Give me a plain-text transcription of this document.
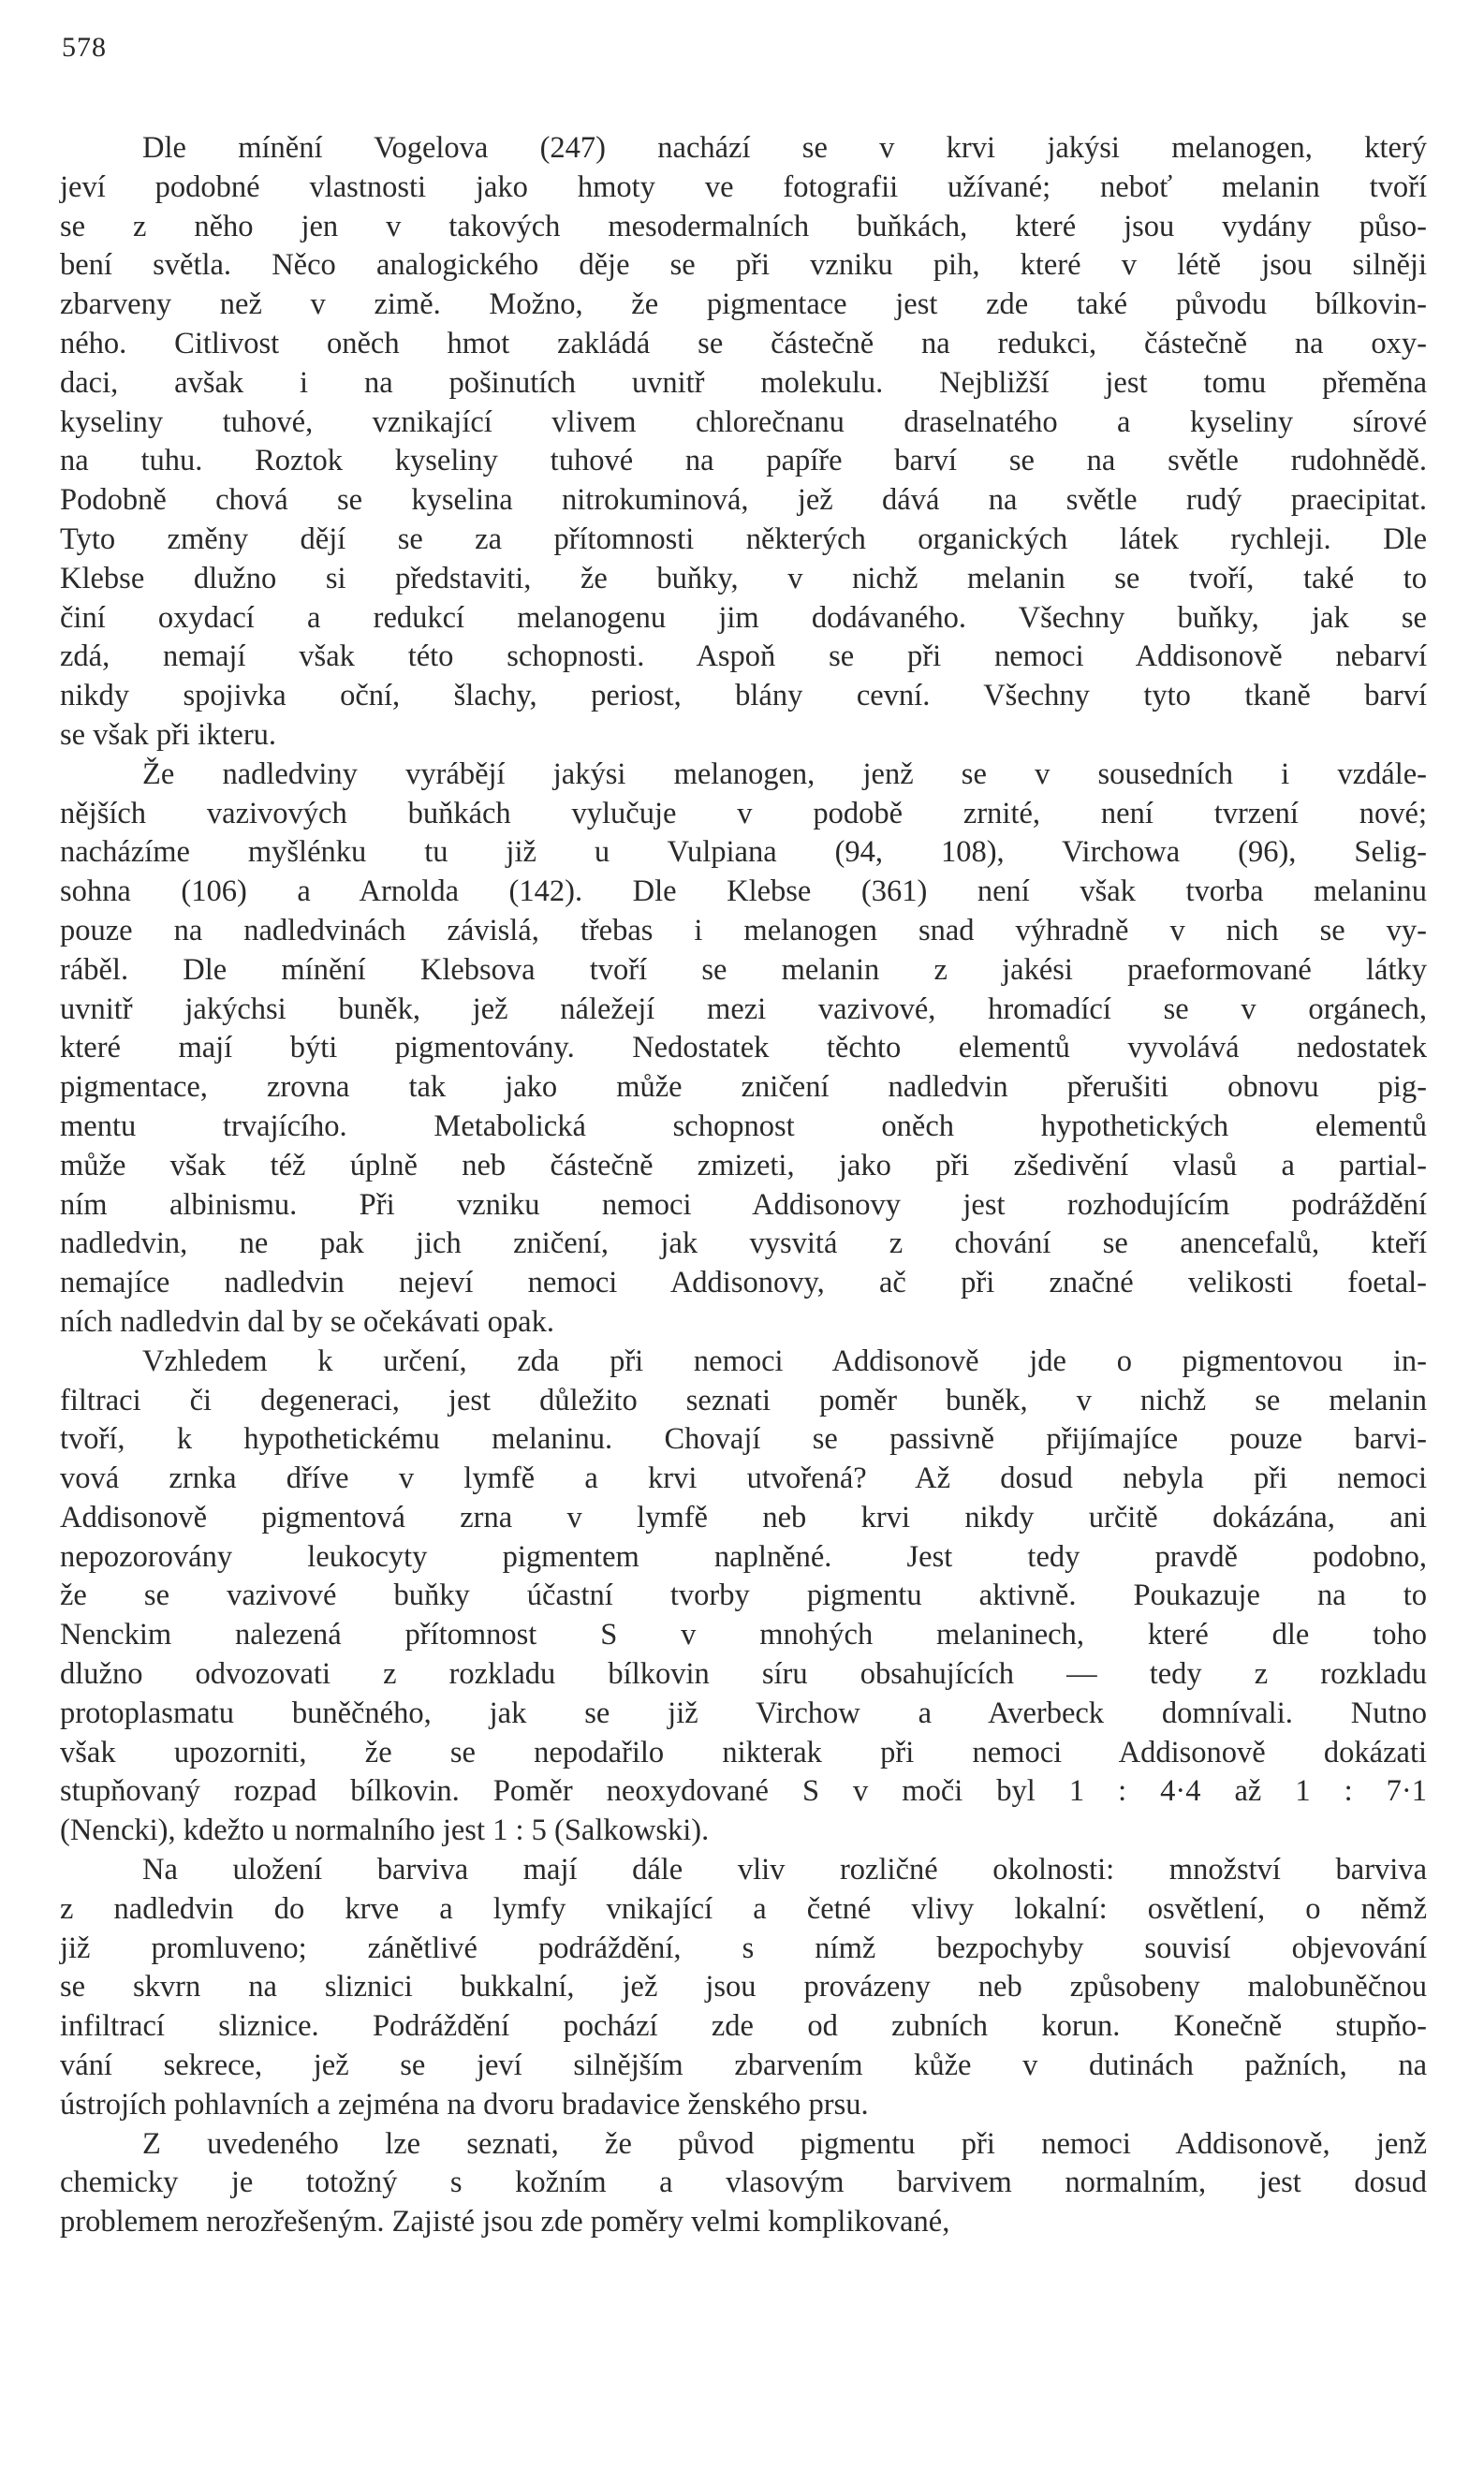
578
Dle mínění Vogelova (247) nachází se v krvi jakýsi melanogen, který
jeví podobné vlastnosti jako hmoty ve fotografii užívané; neboť melanin tvoří
se z něho jen v takových mesodermalních buňkách, které jsou vydány půso-
bení světla. Něco analogického děje se při vzniku pih, které v létě jsou silněji
zbarveny než v zimě. Možno, že pigmentace jest zde také původu bílkovin-
ného. Citlivost oněch hmot zakládá se částečně na redukci, částečně na oxy-
daci, avšak i na pošinutích uvnitř molekulu. Nejbližší jest tomu přeměna
kyseliny tuhové, vznikající vlivem chlorečnanu draselnatého a kyseliny sírové
na tuhu. Roztok kyseliny tuhové na papíře barví se na světle rudohnědě.
Podobně chová se kyselina nitrokuminová, jež dává na světle rudý praecipitat.
Tyto změny dějí se za přítomnosti některých organických látek rychleji. Dle
Klebse dlužno si představiti, že buňky, v nichž melanin se tvoří, také to
činí oxydací a redukcí melanogenu jim dodávaného. Všechny buňky, jak se
zdá, nemají však této schopnosti. Aspoň se při nemoci Addisonově nebarví
nikdy spojivka oční, šlachy, periost, blány cevní. Všechny tyto tkaně barví
se však při ikteru.
Že nadledviny vyrábějí jakýsi melanogen, jenž se v sousedních i vzdále-
nějších vazivových buňkách vylučuje v podobě zrnité, není tvrzení nové;
nacházíme myšlénku tu již u Vulpiana (94, 108), Virchowa (96), Selig-
sohna (106) a Arnolda (142). Dle Klebse (361) není však tvorba melaninu
pouze na nadledvinách závislá, třebas i melanogen snad výhradně v nich se vy-
ráběl. Dle mínění Klebsova tvoří se melanin z jakési praeformované látky
uvnitř jakýchsi buněk, jež náležejí mezi vazivové, hromadící se v orgánech,
které mají býti pigmentovány. Nedostatek těchto elementů vyvolává nedostatek
pigmentace, zrovna tak jako může zničení nadledvin přerušiti obnovu pig-
mentu trvajícího. Metabolická schopnost oněch hypothetických elementů
může však též úplně neb částečně zmizeti, jako při zšedivění vlasů a partial-
ním albinismu. Při vzniku nemoci Addisonovy jest rozhodujícím podráždění
nadledvin, ne pak jich zničení, jak vysvitá z chování se anencefalů, kteří
nemajíce nadledvin nejeví nemoci Addisonovy, ač při značné velikosti foetal-
ních nadledvin dal by se očekávati opak.
Vzhledem k určení, zda při nemoci Addisonově jde o pigmentovou in-
filtraci či degeneraci, jest důležito seznati poměr buněk, v nichž se melanin
tvoří, k hypothetickému melaninu. Chovají se passivně přijímajíce pouze barvi-
vová zrnka dříve v lymfě a krvi utvořená? Až dosud nebyla při nemoci
Addisonově pigmentová zrna v lymfě neb krvi nikdy určitě dokázána, ani
nepozorovány leukocyty pigmentem naplněné. Jest tedy pravdě podobno,
že se vazivové buňky účastní tvorby pigmentu aktivně. Poukazuje na to
Nenckim nalezená přítomnost S v mnohých melaninech, které dle toho
dlužno odvozovati z rozkladu bílkovin síru obsahujících — tedy z rozkladu
protoplasmatu buněčného, jak se již Virchow a Averbeck domnívali. Nutno
však upozorniti, že se nepodařilo nikterak při nemoci Addisonově dokázati
stupňovaný rozpad bílkovin. Poměr neoxydované S v moči byl 1 : 4·4 až 1 : 7·1
(Nencki), kdežto u normalního jest 1 : 5 (Salkowski).
Na uložení barviva mají dále vliv rozličné okolnosti: množství barviva
z nadledvin do krve a lymfy vnikající a četné vlivy lokalní: osvětlení, o němž
již promluveno; zánětlivé podráždění, s nímž bezpochyby souvisí objevování
se skvrn na sliznici bukkalní, jež jsou provázeny neb způsobeny malobuněčnou
infiltrací sliznice. Podráždění pochází zde od zubních korun. Konečně stupňo-
vání sekrece, jež se jeví silnějším zbarvením kůže v dutinách pažních, na
ústrojích pohlavních a zejména na dvoru bradavice ženského prsu.
Z uvedeného lze seznati, že původ pigmentu při nemoci Addisonově, jenž
chemicky je totožný s kožním a vlasovým barvivem normalním, jest dosud
problemem nerozřešeným. Zajisté jsou zde poměry velmi komplikované,
